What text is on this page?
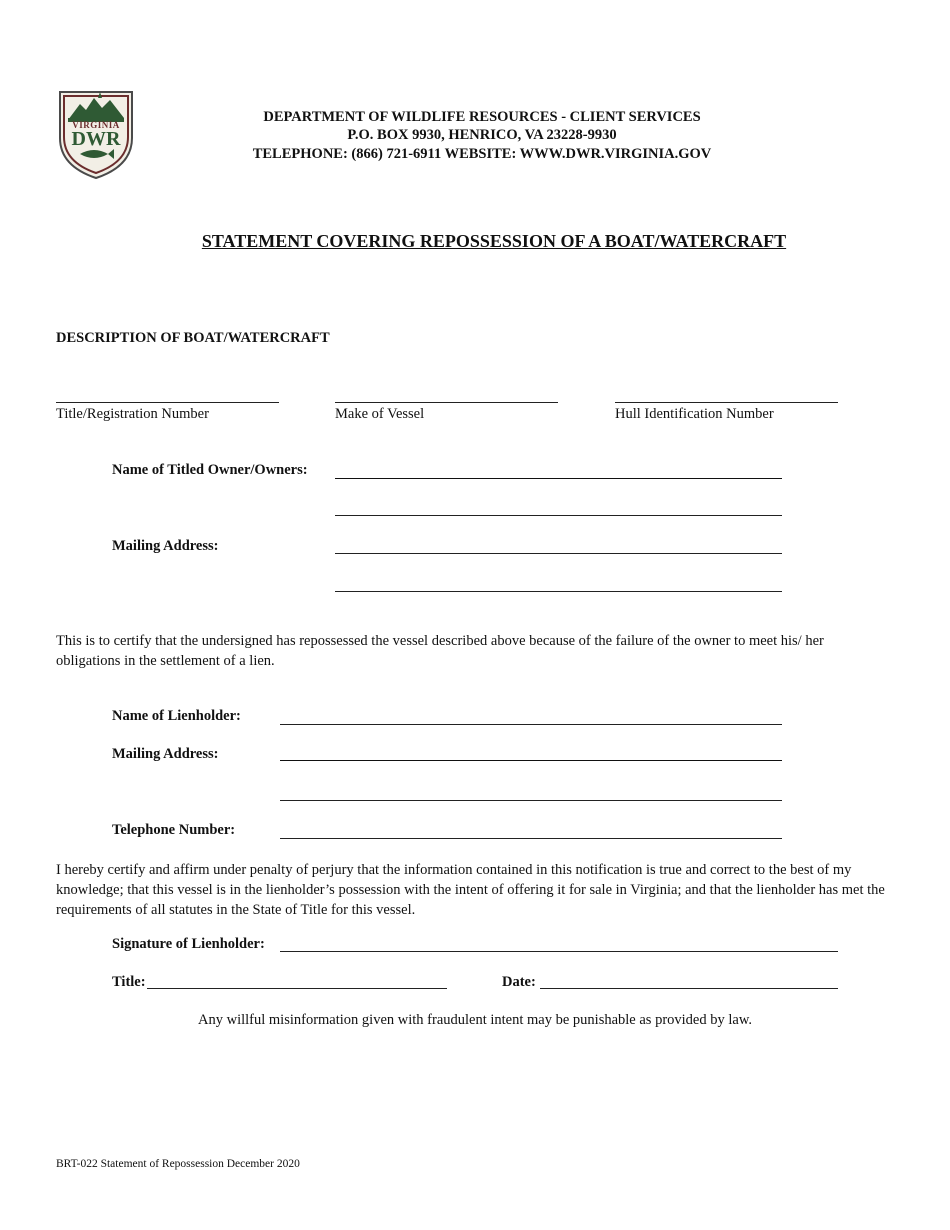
VIRGINIA
DWR
DEPARTMENT OF WILDLIFE RESOURCES - CLIENT SERVICES
P.O. BOX 9930, HENRICO, VA 23228-9930
TELEPHONE: (866) 721-6911 WEBSITE: WWW.DWR.VIRGINIA.GOV
STATEMENT COVERING REPOSSESSION OF A BOAT/WATERCRAFT
DESCRIPTION OF BOAT/WATERCRAFT
Title/Registration Number	Make of Vessel	Hull Identification Number
Name of Titled Owner/Owners:
Mailing Address:
This is to certify that the undersigned has repossessed the vessel described above because of the failure of the owner to meet his/ her obligations in the settlement of a lien.
Name of Lienholder:
Mailing Address:
Telephone Number:
I hereby certify and affirm under penalty of perjury that the information contained in this notification is true and correct to the best of my knowledge; that this vessel is in the lienholder’s possession with the intent of offering it for sale in Virginia; and that the lienholder has met the requirements of all statutes in the State of Title for this vessel.
Signature of Lienholder:
Title:	Date:
Any willful misinformation given with fraudulent intent may be punishable as provided by law.
BRT-022 Statement of Repossession December 2020
